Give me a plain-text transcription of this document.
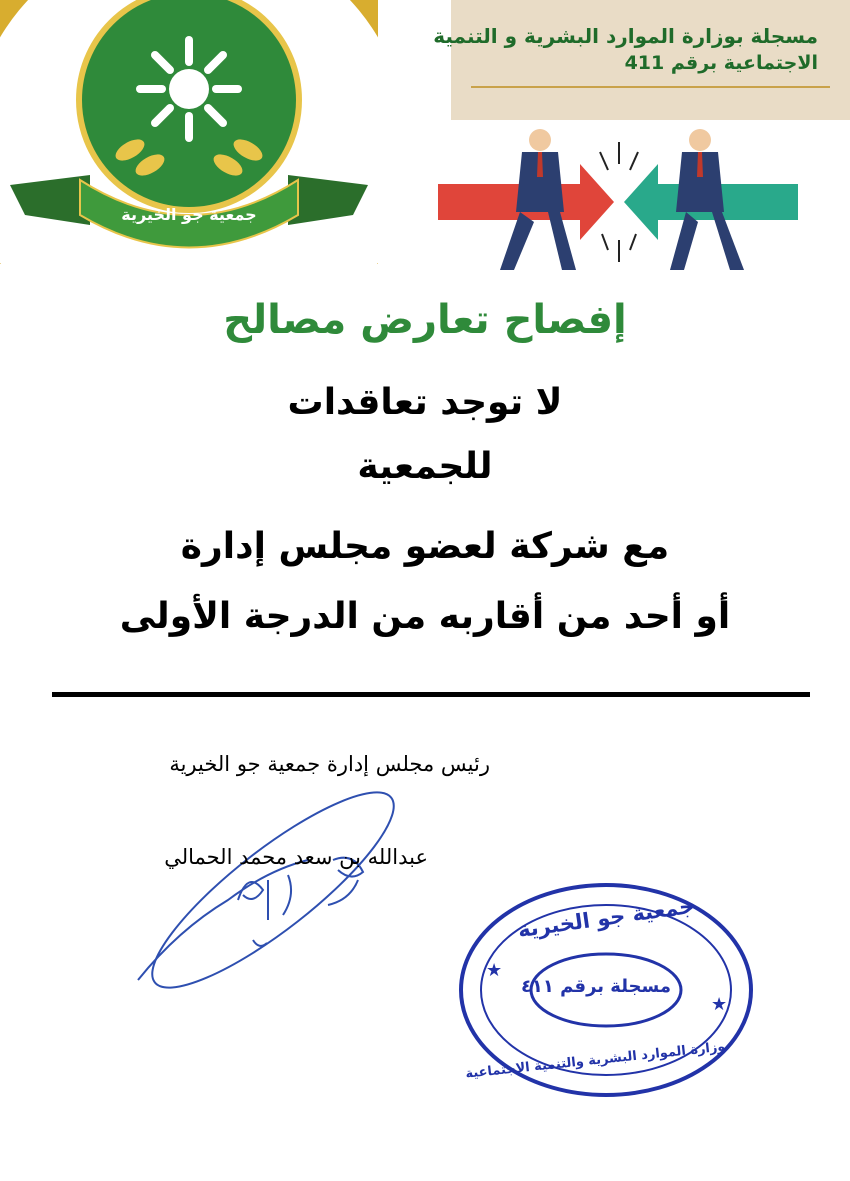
جمعية جو الخيرية
مسجلة بوزارة الموارد البشرية و التنمية
الاجتماعية برقم 411
إفصاح تعارض مصالح
لا توجد تعاقدات
للجمعية
مع شركة لعضو مجلس إدارة
أو أحد من أقاربه من الدرجة الأولى
رئيس مجلس إدارة جمعية جو الخيرية
عبدالله بن سعد محمد الحمالي
★
★
جمعية جو الخيرية
مسجلة برقم ٤١١
وزارة الموارد البشرية والتنمية الاجتماعية
